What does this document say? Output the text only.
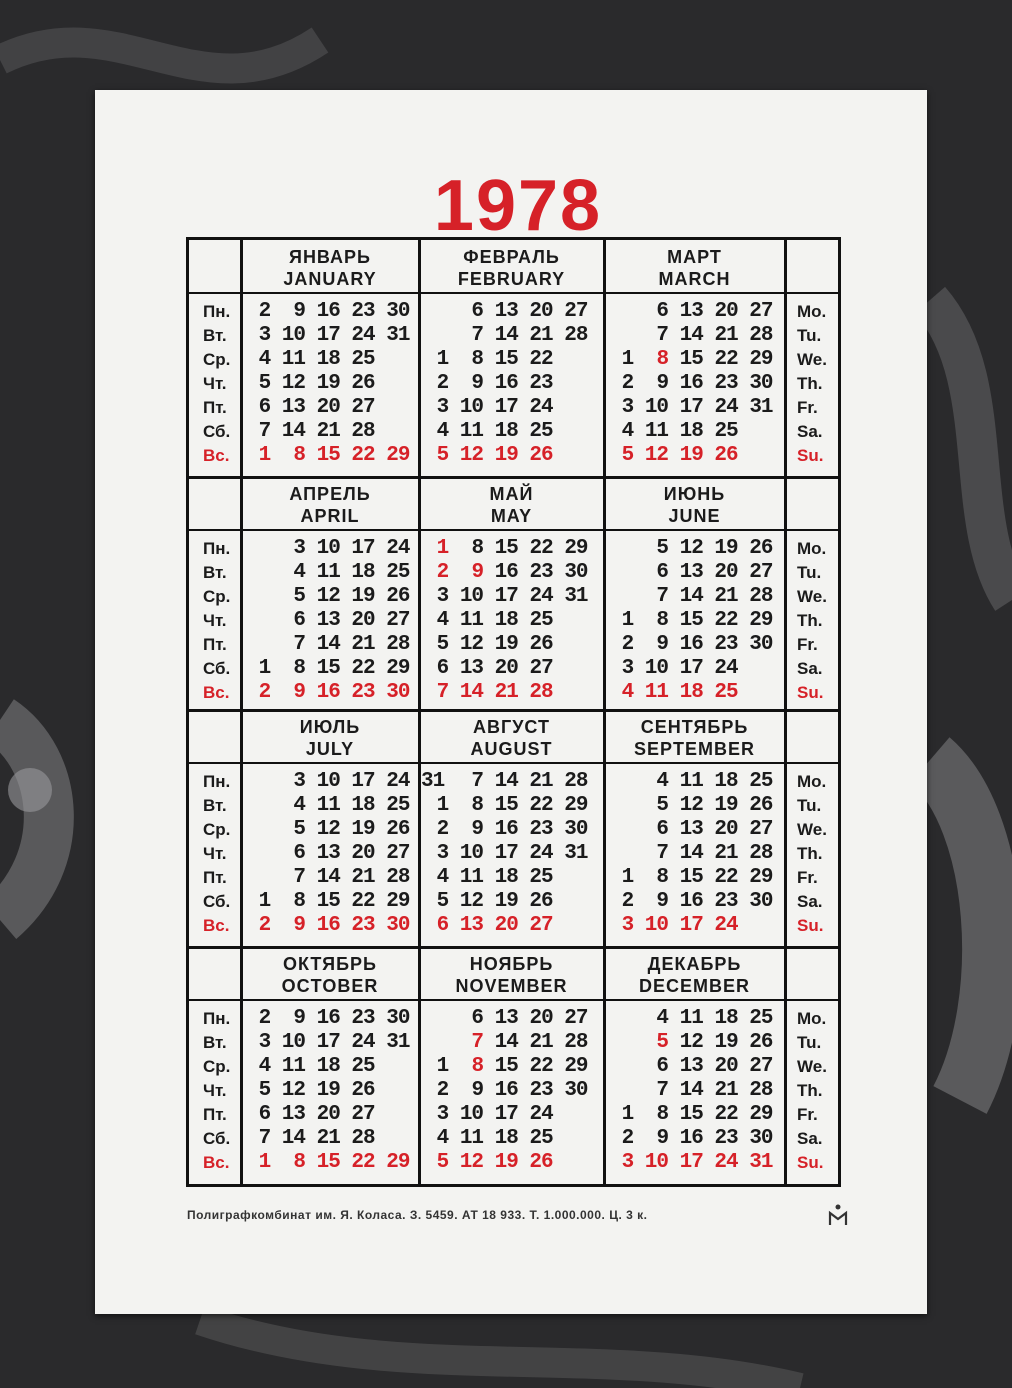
1978
Пн.
Вт.
Ср.
Чт.
Пт.
Сб.
Вс.
Mo.
Tu.
We.
Th.
Fr.
Sa.
Su.
ЯНВАРЬ
JANUARY
2  9 16 23 30
3 10 17 24 31
4 11 18 25
5 12 19 26
6 13 20 27
7 14 21 28
1  8 15 22 29
ФЕВРАЛЬ
FEBRUARY
6 13 20 27
7 14 21 28
1  8 15 22
2  9 16 23
3 10 17 24
4 11 18 25
5 12 19 26
МАРТ
MARCH
6 13 20 27
7 14 21 28
1 8 15 22 29
2 9 16 23 30
3 10 17 24 31
4 11 18 25
5 12 19 26
Пн.
Вт.
Ср.
Чт.
Пт.
Сб.
Вс.
Mo.
Tu.
We.
Th.
Fr.
Sa.
Su.
АПРЕЛЬ
APRIL
3 10 17 24
4 11 18 25
5 12 19 26
6 13 20 27
7 14 21 28
1  8 15 22 29
2  9 16 23 30
МАЙ
MAY
1 8 15 22 29
2 9 16 23 30
3 10 17 24 31
4 11 18 25
5 12 19 26
6 13 20 27
7 14 21 28
ИЮНЬ
JUNE
5 12 19 26
6 13 20 27
7 14 21 28
1  8 15 22 29
2  9 16 23 30
3 10 17 24
4 11 18 25
Пн.
Вт.
Ср.
Чт.
Пт.
Сб.
Вс.
Mo.
Tu.
We.
Th.
Fr.
Sa.
Su.
ИЮЛЬ
JULY
3 10 17 24 31
4 11 18 25
5 12 19 26
6 13 20 27
7 14 21 28
1  8 15 22 29
2  9 16 23 30
АВГУСТ
AUGUST
7 14 21 28
1  8 15 22 29
2  9 16 23 30
3 10 17 24 31
4 11 18 25
5 12 19 26
6 13 20 27
СЕНТЯБРЬ
SEPTEMBER
4 11 18 25
5 12 19 26
6 13 20 27
7 14 21 28
1  8 15 22 29
2  9 16 23 30
3 10 17 24
Пн.
Вт.
Ср.
Чт.
Пт.
Сб.
Вс.
Mo.
Tu.
We.
Th.
Fr.
Sa.
Su.
ОКТЯБРЬ
OCTOBER
2  9 16 23 30
3 10 17 24 31
4 11 18 25
5 12 19 26
6 13 20 27
7 14 21 28
1  8 15 22 29
НОЯБРЬ
NOVEMBER
6 13 20 27
7 14 21 28
1 8 15 22 29
2 9 16 23 30
3 10 17 24
4 11 18 25
5 12 19 26
ДЕКАБРЬ
DECEMBER
4 11 18 25
5 12 19 26
6 13 20 27
7 14 21 28
1 8 15 22 29
2 9 16 23 30
3 10 17 24 31
Полиграфкомбинат им. Я. Коласа. З. 5459. АТ 18 933. Т. 1.000.000. Ц. 3 к.
